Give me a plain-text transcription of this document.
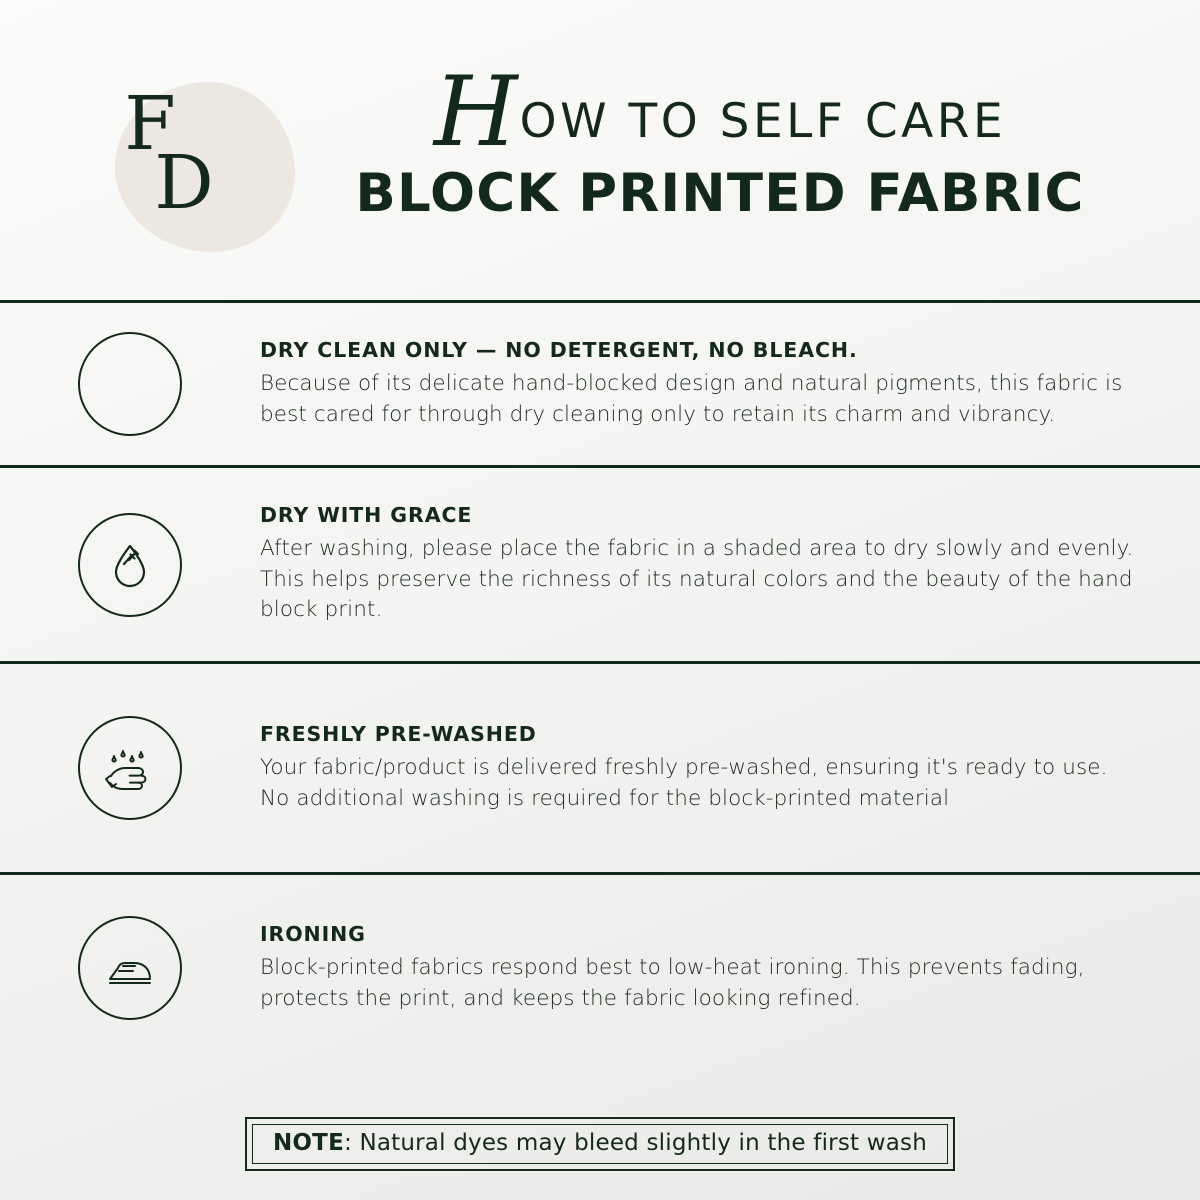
F
D
H OW TO SELF CARE
BLOCK PRINTED FABRIC
DRY CLEAN ONLY — NO DETERGENT, NO BLEACH.
Because of its delicate hand-blocked design and natural pigments, this fabric is best cared for through dry cleaning only to retain its charm and vibrancy.
DRY WITH GRACE
After washing, please place the fabric in a shaded area to dry slowly and evenly. This helps preserve the richness of its natural colors and the beauty of the hand block print.
FRESHLY PRE-WASHED
Your fabric/product is delivered freshly pre-washed, ensuring it's ready to use. No additional washing is required for the block-printed material
IRONING
Block-printed fabrics respond best to low-heat ironing. This prevents fading, protects the print, and keeps the fabric looking refined.
NOTE: Natural dyes may bleed slightly in the first wash
